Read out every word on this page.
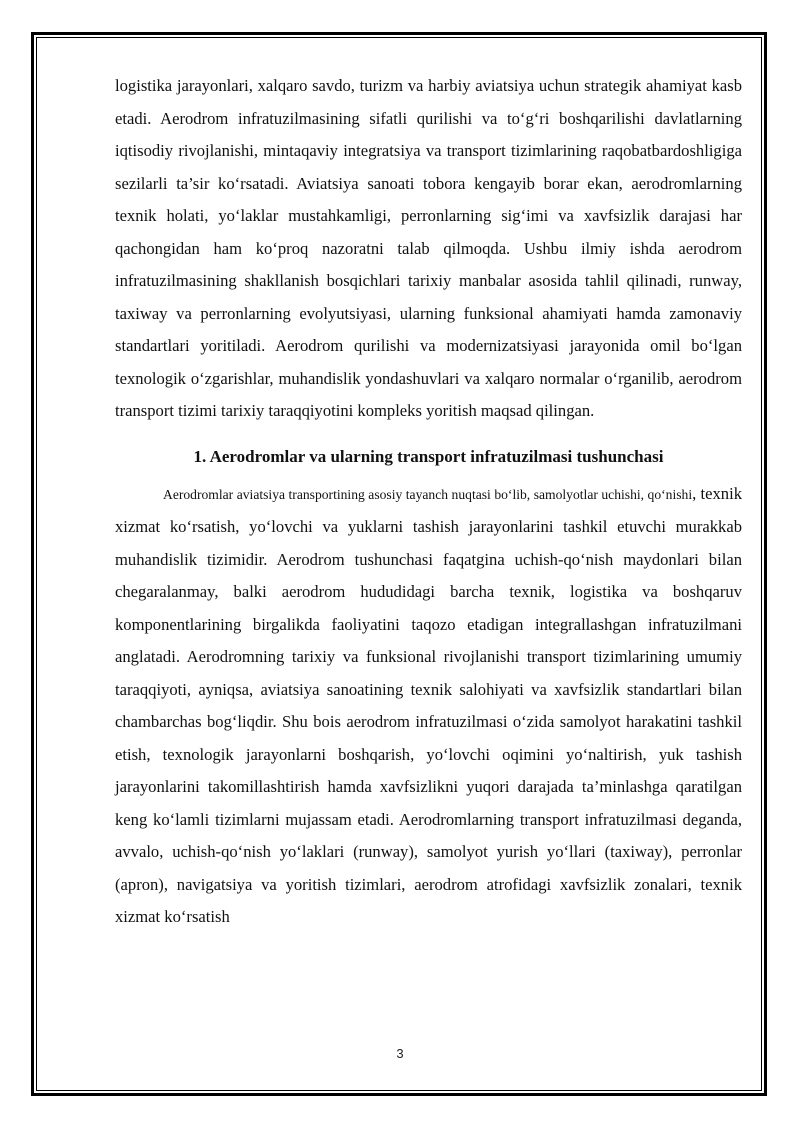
logistika jarayonlari, xalqaro savdo, turizm va harbiy aviatsiya uchun strategik ahamiyat kasb etadi. Aerodrom infratuzilmasining sifatli qurilishi va to‘g‘ri boshqarilishi davlatlarning iqtisodiy rivojlanishi, mintaqaviy integratsiya va transport tizimlarining raqobatbardoshligiga sezilarli ta’sir ko‘rsatadi. Aviatsiya sanoati tobora kengayib borar ekan, aerodromlarning texnik holati, yo‘laklar mustahkamligi, perronlarning sig‘imi va xavfsizlik darajasi har qachongidan ham ko‘proq nazoratni talab qilmoqda. Ushbu ilmiy ishda aerodrom infratuzilmasining shakllanish bosqichlari tarixiy manbalar asosida tahlil qilinadi, runway, taxiway va perronlarning evolyutsiyasi, ularning funksional ahamiyati hamda zamonaviy standartlari yoritiladi. Aerodrom qurilishi va modernizatsiyasi jarayonida omil bo‘lgan texnologik o‘zgarishlar, muhandislik yondashuvlari va xalqaro normalar o‘rganilib, aerodrom transport tizimi tarixiy taraqqiyotini kompleks yoritish maqsad qilingan.

1. Aerodromlar va ularning transport infratuzilmasi tushunchasi

Aerodromlar aviatsiya transportining asosiy tayanch nuqtasi bo‘lib, samolyotlar uchishi, qo‘nishi, texnik xizmat ko‘rsatish, yo‘lovchi va yuklarni tashish jarayonlarini tashkil etuvchi murakkab muhandislik tizimidir. Aerodrom tushunchasi faqatgina uchish-qo‘nish maydonlari bilan chegaralanmay, balki aerodrom hududidagi barcha texnik, logistika va boshqaruv komponentlarining birgalikda faoliyatini taqozo etadigan integrallashgan infratuzilmani anglatadi. Aerodromning tarixiy va funksional rivojlanishi transport tizimlarining umumiy taraqqiyoti, ayniqsa, aviatsiya sanoatining texnik salohiyati va xavfsizlik standartlari bilan chambarchas bog‘liqdir. Shu bois aerodrom infratuzilmasi o‘zida samolyot harakatini tashkil etish, texnologik jarayonlarni boshqarish, yo‘lovchi oqimini yo‘naltirish, yuk tashish jarayonlarini takomillashtirish hamda xavfsizlikni yuqori darajada ta’minlashga qaratilgan keng ko‘lamli tizimlarni mujassam etadi. Aerodromlarning transport infratuzilmasi deganda, avvalo, uchish-qo‘nish yo‘laklari (runway), samolyot yurish yo‘llari (taxiway), perronlar (apron), navigatsiya va yoritish tizimlari, aerodrom atrofidagi xavfsizlik zonalari, texnik xizmat ko‘rsatish

3
